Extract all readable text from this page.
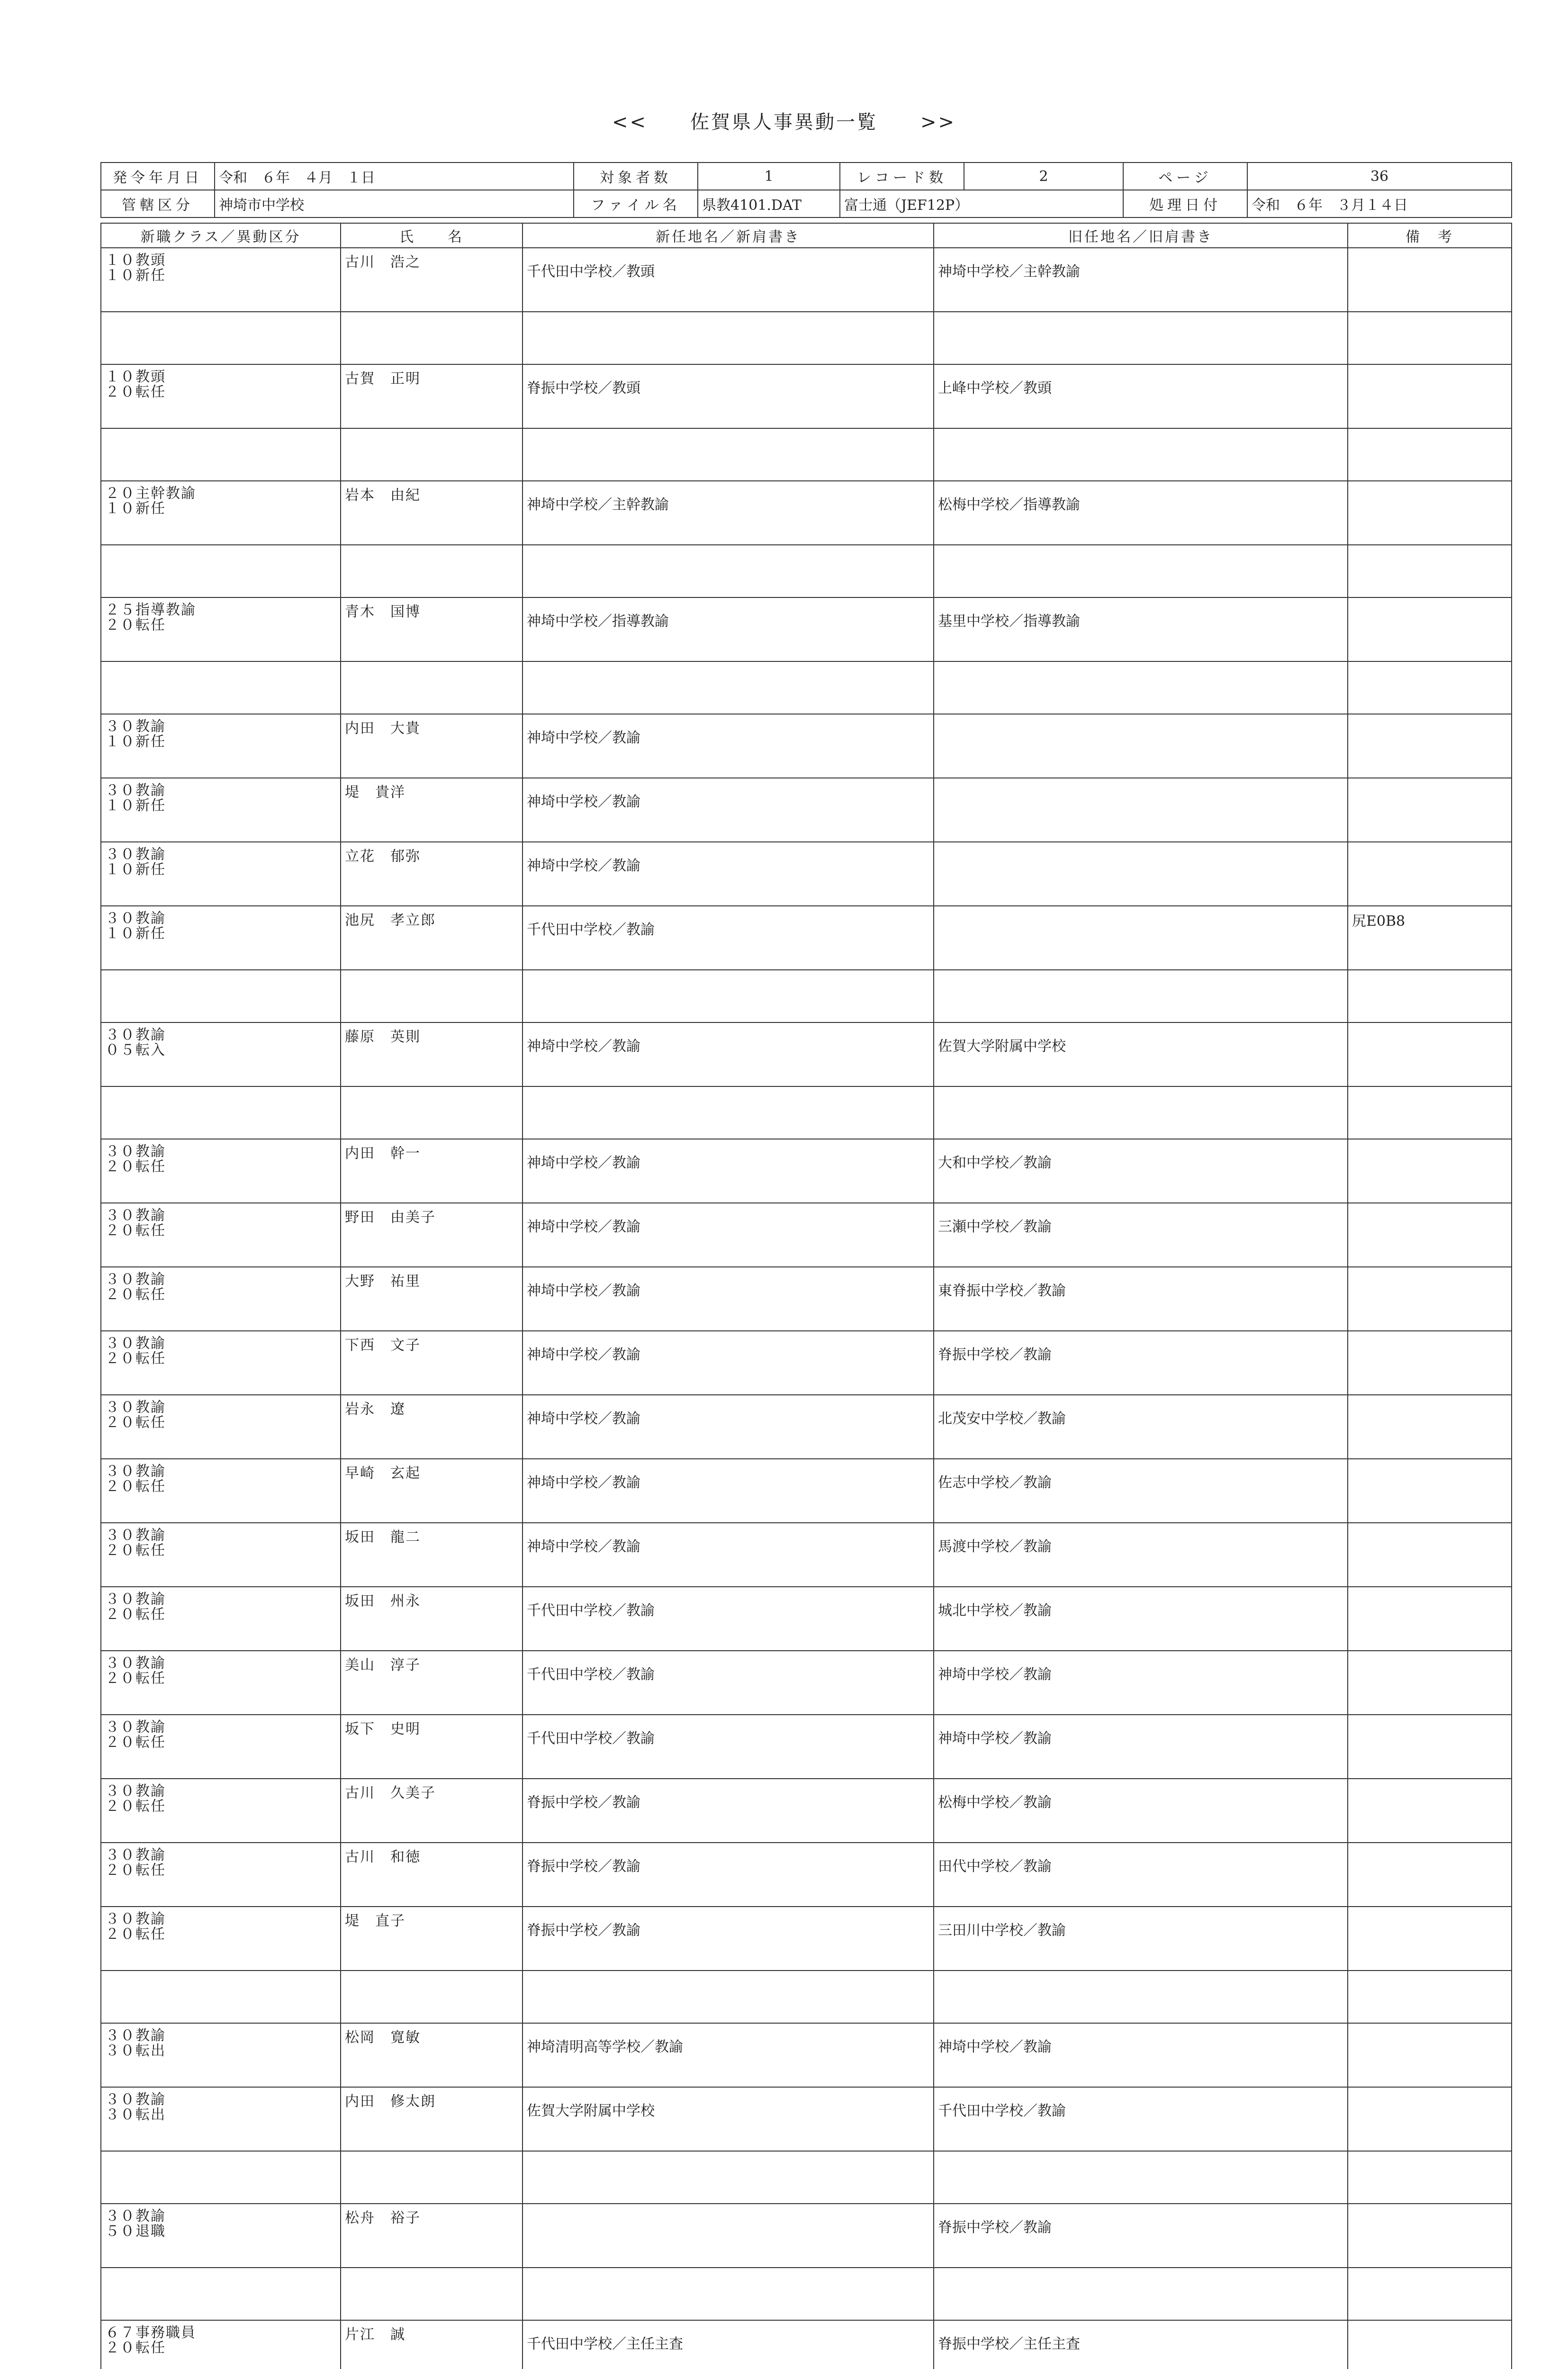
<< 佐賀県人事異動一覧 >>
発令年月日	令和　６年　４月　１日	対象者数	1	レコード数	2	ページ	36
管轄区分	神埼市中学校	ファイル名	県教4101.DAT	富士通（JEF12P）		処理日付	令和　６年　３月１４日
新職クラス／異動区分	氏　　名	新任地名／新肩書き	旧任地名／旧肩書き	備　考

１０教頭
１０新任	古川　浩之	千代田中学校／教頭	神埼中学校／主幹教諭	

１０教頭
２０転任	古賀　正明	脊振中学校／教頭	上峰中学校／教頭	

２０主幹教諭
１０新任	岩本　由紀	神埼中学校／主幹教諭	松梅中学校／指導教諭	

２５指導教諭
２０転任	青木　国博	神埼中学校／指導教諭	基里中学校／指導教諭	

３０教諭
１０新任	内田　大貴	神埼中学校／教諭		

３０教諭
１０新任	堤　貴洋	神埼中学校／教諭		

３０教諭
１０新任	立花　郁弥	神埼中学校／教諭		

３０教諭
１０新任	池尻　孝立郎	千代田中学校／教諭		尻E0B8

３０教諭
０５転入	藤原　英則	神埼中学校／教諭	佐賀大学附属中学校	

３０教諭
２０転任	内田　幹一	神埼中学校／教諭	大和中学校／教諭	

３０教諭
２０転任	野田　由美子	神埼中学校／教諭	三瀬中学校／教諭	

３０教諭
２０転任	大野　祐里	神埼中学校／教諭	東脊振中学校／教諭	

３０教諭
２０転任	下西　文子	神埼中学校／教諭	脊振中学校／教諭	

３０教諭
２０転任	岩永　遼	神埼中学校／教諭	北茂安中学校／教諭	

３０教諭
２０転任	早崎　玄起	神埼中学校／教諭	佐志中学校／教諭	

３０教諭
２０転任	坂田　龍二	神埼中学校／教諭	馬渡中学校／教諭	

３０教諭
２０転任	坂田　州永	千代田中学校／教諭	城北中学校／教諭	

３０教諭
２０転任	美山　淳子	千代田中学校／教諭	神埼中学校／教諭	

３０教諭
２０転任	坂下　史明	千代田中学校／教諭	神埼中学校／教諭	

３０教諭
２０転任	古川　久美子	脊振中学校／教諭	松梅中学校／教諭	

３０教諭
２０転任	古川　和徳	脊振中学校／教諭	田代中学校／教諭	

３０教諭
２０転任	堤　直子	脊振中学校／教諭	三田川中学校／教諭	

３０教諭
３０転出	松岡　寛敏	神埼清明高等学校／教諭	神埼中学校／教諭	

３０教諭
３０転出	内田　修太朗	佐賀大学附属中学校	千代田中学校／教諭	

３０教諭
５０退職	松舟　裕子		脊振中学校／教諭	

６７事務職員
２０転任	片江　誠	千代田中学校／主任主査	脊振中学校／主任主査	
